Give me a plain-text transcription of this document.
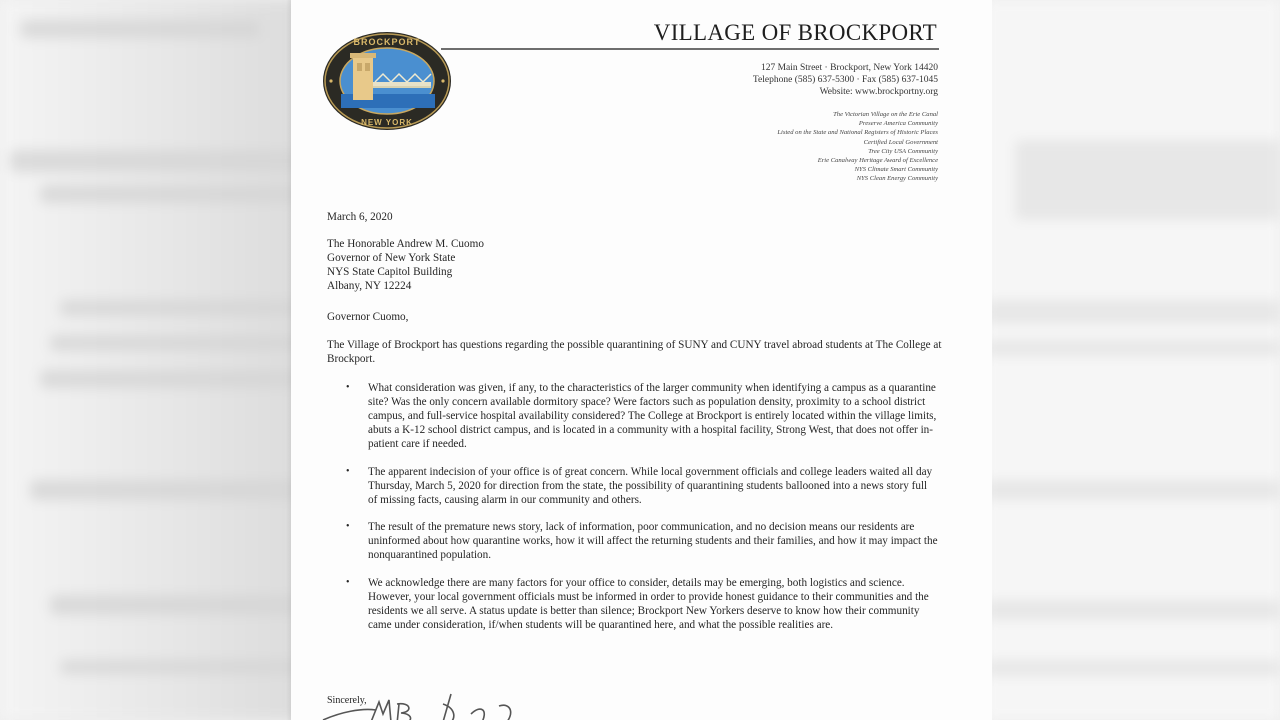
BROCKPORT
NEW YORK
VILLAGE OF BROCKPORT
127 Main Street · Brockport, New York 14420
Telephone (585) 637-5300 · Fax (585) 637-1045
Website: www.brockportny.org
The Victorian Village on the Erie Canal
Preserve America Community
Listed on the State and National Registers of Historic Places
Certified Local Government
Tree City USA Community
Erie Canalway Heritage Award of Excellence
NYS Climate Smart Community
NYS Clean Energy Community
March 6, 2020
The Honorable Andrew M. Cuomo
Governor of New York State
NYS State Capitol Building
Albany, NY 12224
Governor Cuomo,
The Village of Brockport has questions regarding the possible quarantining of SUNY and CUNY travel abroad students at The College at Brockport.
• What consideration was given, if any, to the characteristics of the larger community when identifying a campus as a quarantine site? Was the only concern available dormitory space? Were factors such as population density, proximity to a school district campus, and full-service hospital availability considered? The College at Brockport is entirely located within the village limits, abuts a K-12 school district campus, and is located in a community with a hospital facility, Strong West, that does not offer in-patient care if needed.
• The apparent indecision of your office is of great concern. While local government officials and college leaders waited all day Thursday, March 5, 2020 for direction from the state, the possibility of quarantining students ballooned into a news story full of missing facts, causing alarm in our community and others.
• The result of the premature news story, lack of information, poor communication, and no decision means our residents are uninformed about how quarantine works, how it will affect the returning students and their families, and how it may impact the nonquarantined population.
• We acknowledge there are many factors for your office to consider, details may be emerging, both logistics and science. However, your local government officials must be informed in order to provide honest guidance to their communities and the residents we all serve. A status update is better than silence; Brockport New Yorkers deserve to know how their community came under consideration, if/when students will be quarantined here, and what the possible realities are.
Sincerely,
